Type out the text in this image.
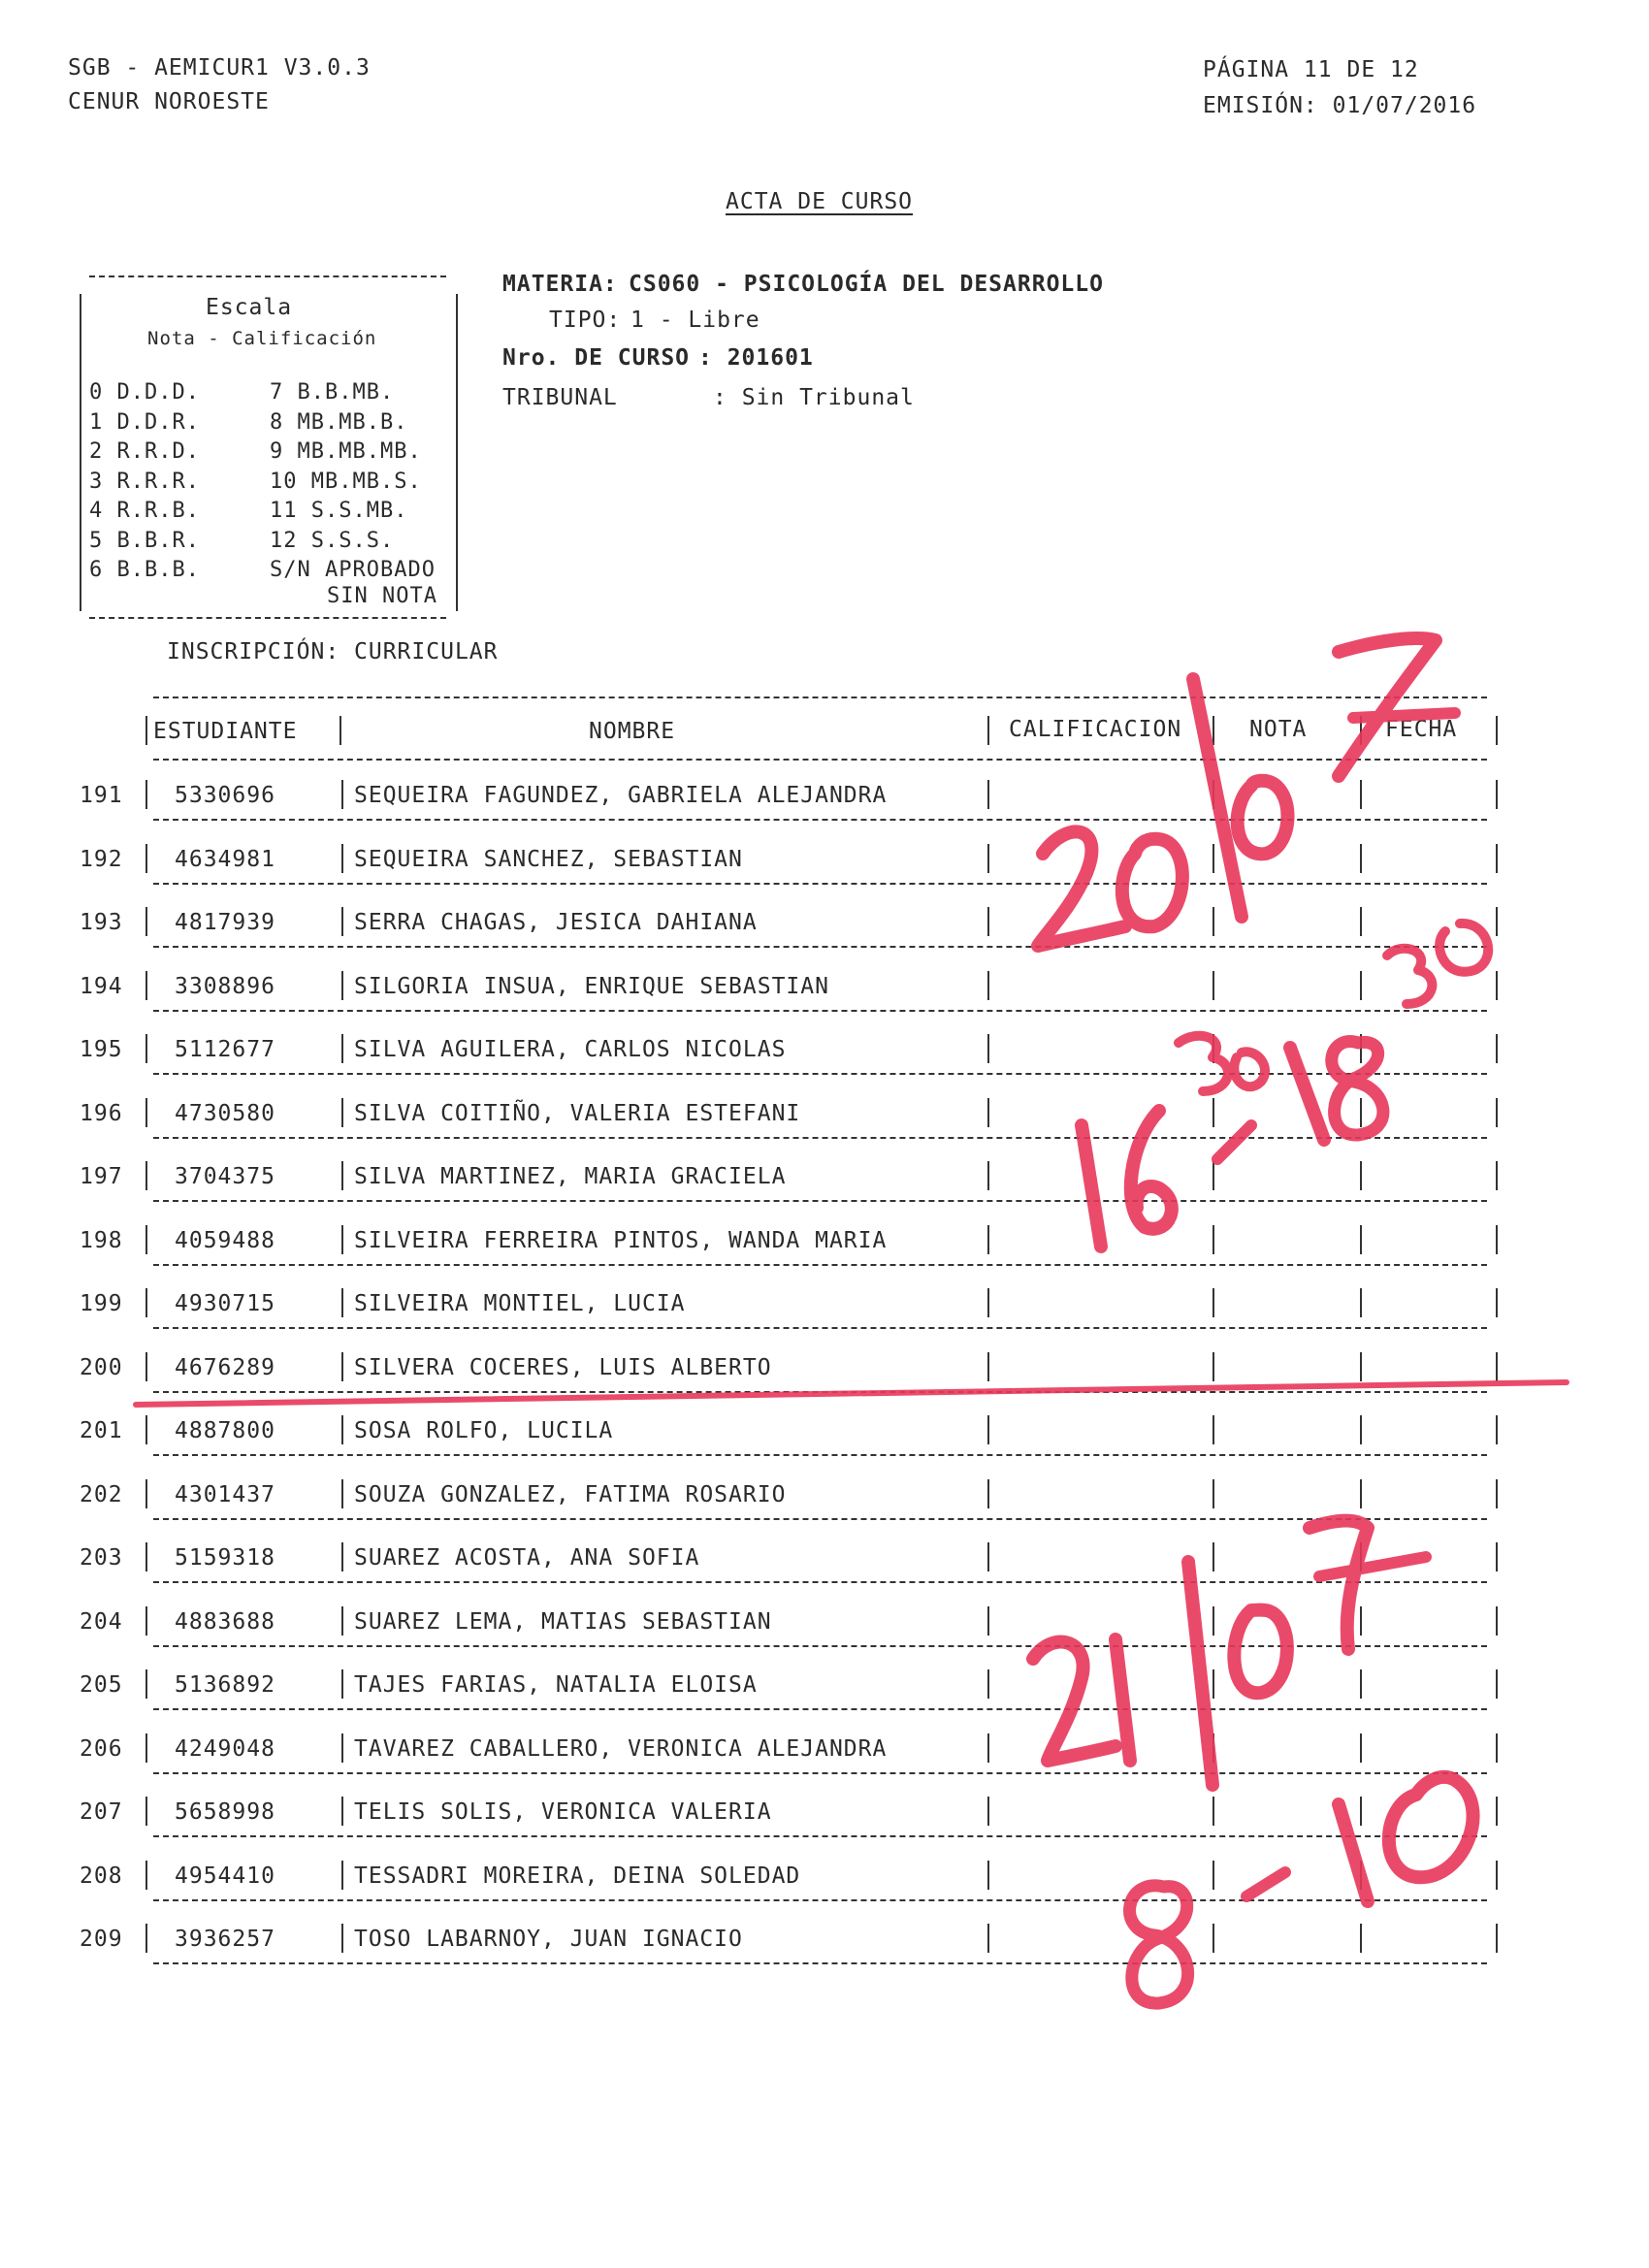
SGB - AEMICUR1 V3.0.3
CENUR NOROESTE
PÁGINA 11 DE 12
EMISIÓN: 01/07/2016
ACTA DE CURSO
Escala
Nota - Calificación
0 D.D.D.	7 B.B.MB.
1 D.D.R.	8 MB.MB.B.
2 R.R.D.	9 MB.MB.MB.
3 R.R.R.	10 MB.MB.S.
4 R.R.B.	11 S.S.MB.
5 B.B.R.	12 S.S.S.
6 B.B.B.	S/N APROBADO
SIN NOTA
MATERIA: CS060 - PSICOLOGÍA DEL DESARROLLO
TIPO: 1 - Libre
Nro. DE CURSO : 201601
TRIBUNAL	: Sin Tribunal
INSCRIPCIÓN: CURRICULAR
ESTUDIANTE	NOMBRE	CALIFICACION	NOTA	FECHA
191 5330696	SEQUEIRA FAGUNDEZ, GABRIELA ALEJANDRA
192 4634981	SEQUEIRA SANCHEZ, SEBASTIAN
193 4817939	SERRA CHAGAS, JESICA DAHIANA
194 3308896	SILGORIA INSUA, ENRIQUE SEBASTIAN
195 5112677	SILVA AGUILERA, CARLOS NICOLAS
196 4730580	SILVA COITIÑO, VALERIA ESTEFANI
197 3704375	SILVA MARTINEZ, MARIA GRACIELA
198 4059488	SILVEIRA FERREIRA PINTOS, WANDA MARIA
199 4930715	SILVEIRA MONTIEL, LUCIA
200 4676289	SILVERA COCERES, LUIS ALBERTO
201 4887800	SOSA ROLFO, LUCILA
202 4301437	SOUZA GONZALEZ, FATIMA ROSARIO
203 5159318	SUAREZ ACOSTA, ANA SOFIA
204 4883688	SUAREZ LEMA, MATIAS SEBASTIAN
205 5136892	TAJES FARIAS, NATALIA ELOISA
206 4249048	TAVAREZ CABALLERO, VERONICA ALEJANDRA
207 5658998	TELIS SOLIS, VERONICA VALERIA
208 4954410	TESSADRI MOREIRA, DEINA SOLEDAD
209 3936257	TOSO LABARNOY, JUAN IGNACIO
